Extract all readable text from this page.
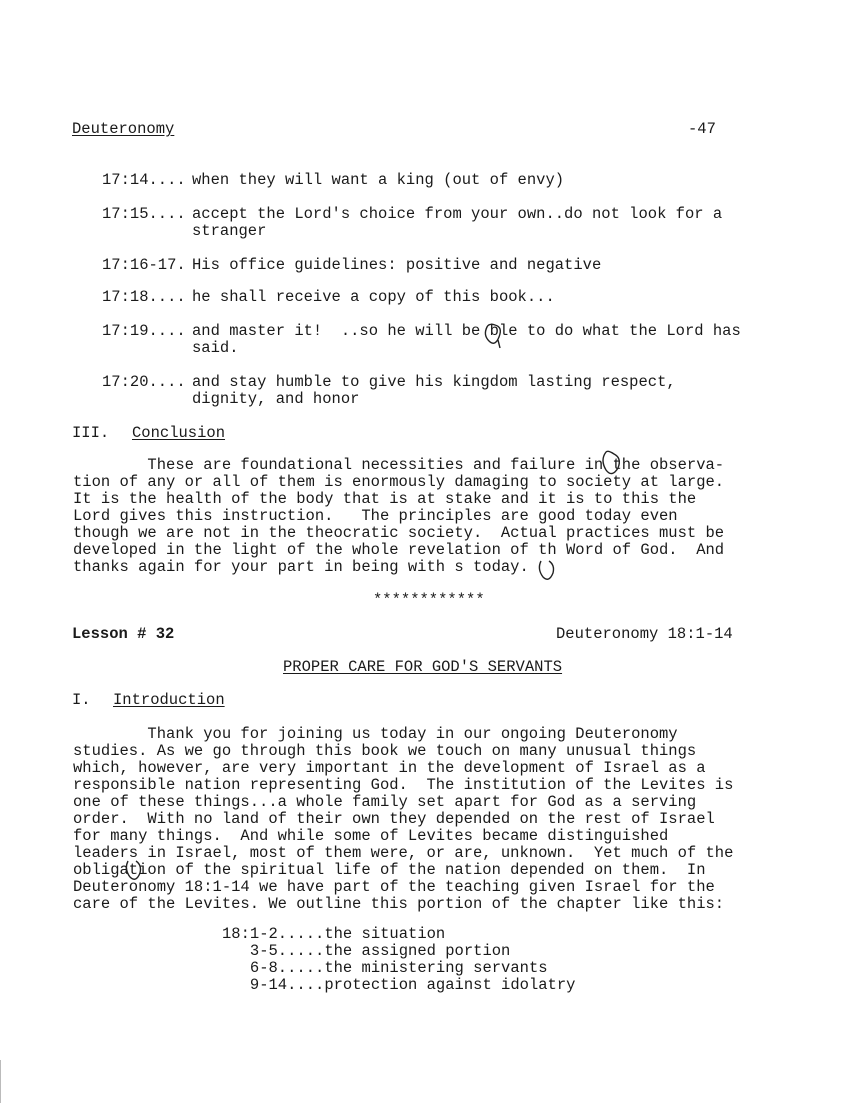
Deuteronomy	-47
17:14.... when they will want a king (out of envy)
17:15.... accept the Lord's choice from your own..do not look for a
stranger
17:16-17. His office guidelines: positive and negative
17:18.... he shall receive a copy of this book...
17:19.... and master it!  ..so he will be ble to do what the Lord has
said.
17:20.... and stay humble to give his kingdom lasting respect,
dignity, and honor
III. Conclusion
These are foundational necessities and failure in the observa-
tion of any or all of them is enormously damaging to society at large.
It is the health of the body that is at stake and it is to this the
Lord gives this instruction.   The principles are good today even
though we are not in the theocratic society.  Actual practices must be
developed in the light of the whole revelation of th Word of God.  And
thanks again for your part in being with s today.
************
Lesson # 32	Deuteronomy 18:1-14
PROPER CARE FOR GOD'S SERVANTS
I. Introduction
Thank you for joining us today in our ongoing Deuteronomy
studies. As we go through this book we touch on many unusual things
which, however, are very important in the development of Israel as a
responsible nation representing God.  The institution of the Levites is
one of these things...a whole family set apart for God as a serving
order.  With no land of their own they depended on the rest of Israel
for many things.  And while some of Levites became distinguished
leaders in Israel, most of them were, or are, unknown.  Yet much of the
obligation of the spiritual life of the nation depended on them.  In
Deuteronomy 18:1-14 we have part of the teaching given Israel for the
care of the Levites. We outline this portion of the chapter like this:
18:1-2.....the situation
3-5.....the assigned portion
6-8.....the ministering servants
9-14....protection against idolatry
